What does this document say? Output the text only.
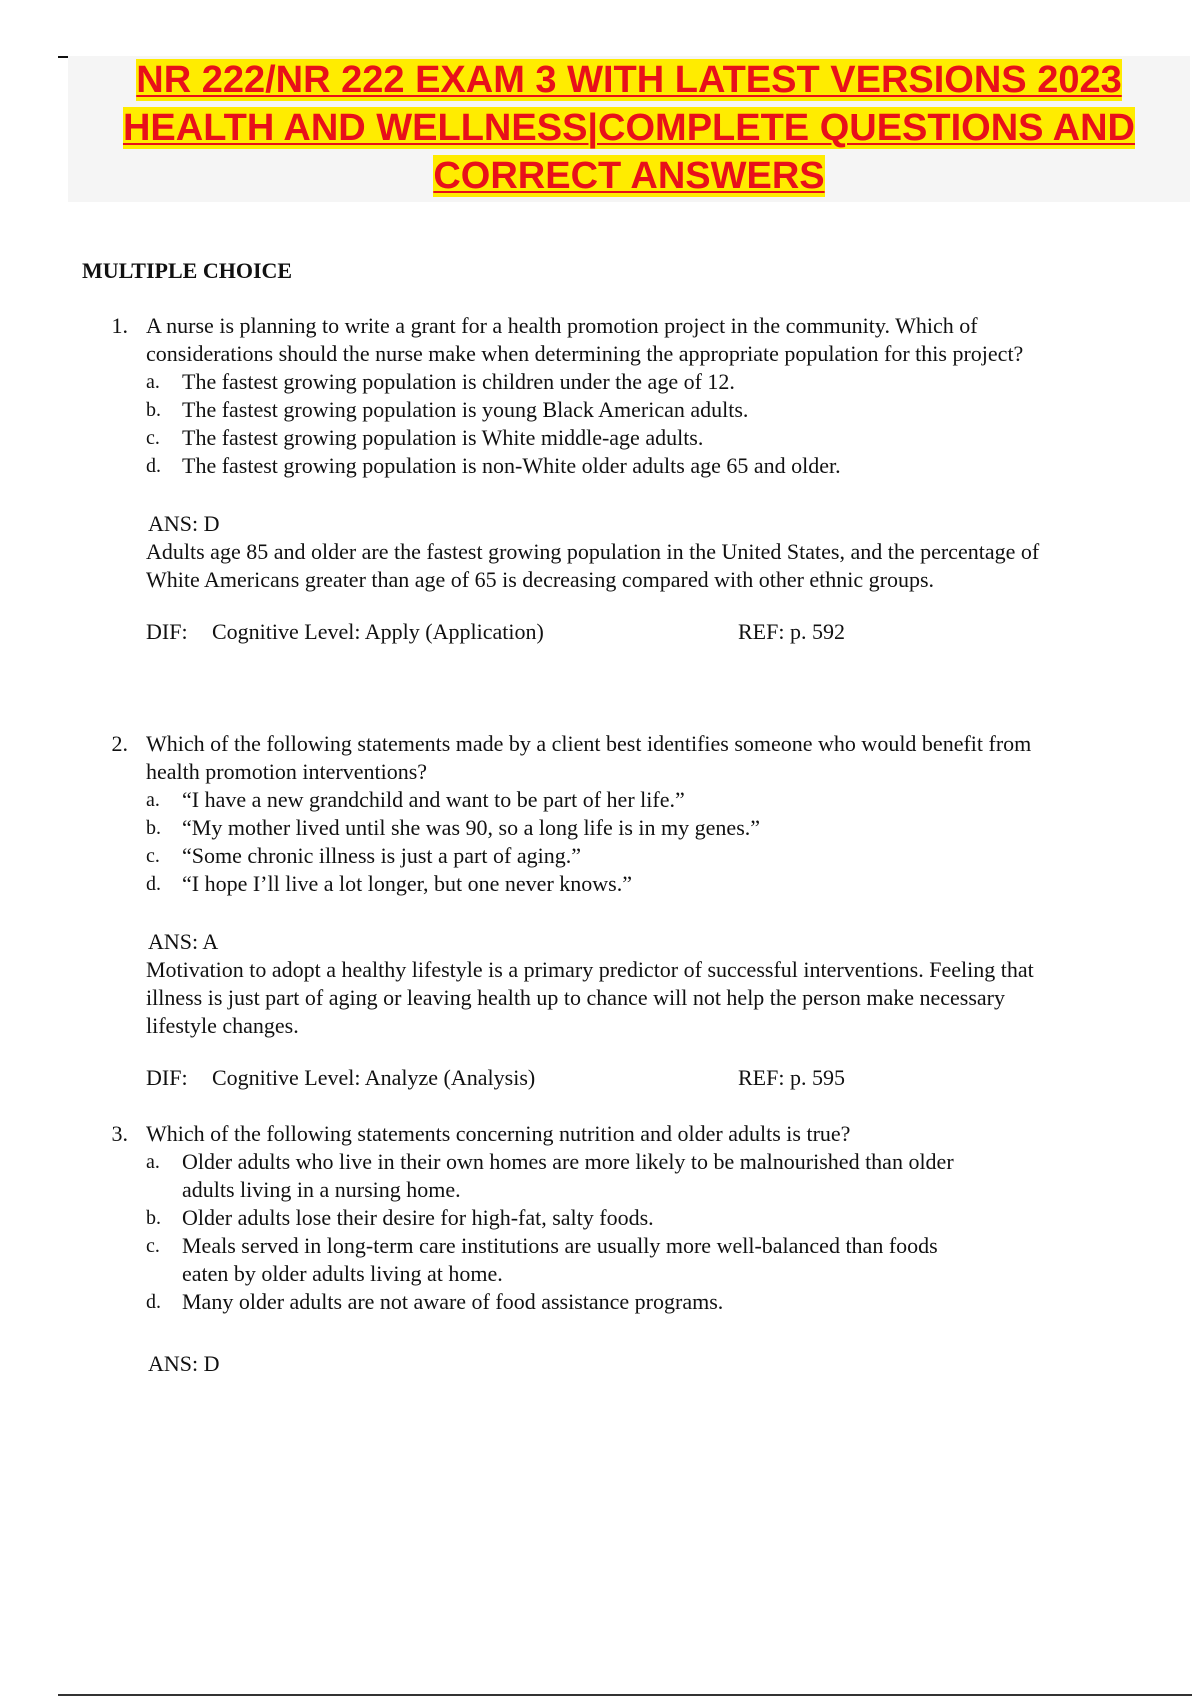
NR 222/NR 222 EXAM 3 WITH LATEST VERSIONS 2023
HEALTH AND WELLNESS|COMPLETE QUESTIONS AND
CORRECT ANSWERS
MULTIPLE CHOICE
1. A nurse is planning to write a grant for a health promotion project in the community. Which of considerations should the nurse make when determining the appropriate population for this project?
a.	The fastest growing population is children under the age of 12.
b. The fastest growing population is young Black American adults.
c.	The fastest growing population is White middle-age adults.
d. The fastest growing population is non-White older adults age 65 and older.
ANS: D
Adults age 85 and older are the fastest growing population in the United States, and the percentage of White Americans greater than age of 65 is decreasing compared with other ethnic groups.
DIF:	Cognitive Level: Apply (Application)	REF: p. 592
2. Which of the following statements made by a client best identifies someone who would benefit from health promotion interventions?
a.	“I have a new grandchild and want to be part of her life.”
b. “My mother lived until she was 90, so a long life is in my genes.”
c.	“Some chronic illness is just a part of aging.”
d. “I hope I’ll live a lot longer, but one never knows.”
ANS: A
Motivation to adopt a healthy lifestyle is a primary predictor of successful interventions. Feeling that illness is just part of aging or leaving health up to chance will not help the person make necessary lifestyle changes.
DIF:	Cognitive Level: Analyze (Analysis)	REF: p. 595
3. Which of the following statements concerning nutrition and older adults is true?
a.	Older adults who live in their own homes are more likely to be malnourished than older adults living in a nursing home.
b. Older adults lose their desire for high-fat, salty foods.
c.	Meals served in long-term care institutions are usually more well-balanced than foods eaten by older adults living at home.
d. Many older adults are not aware of food assistance programs.
ANS: D
